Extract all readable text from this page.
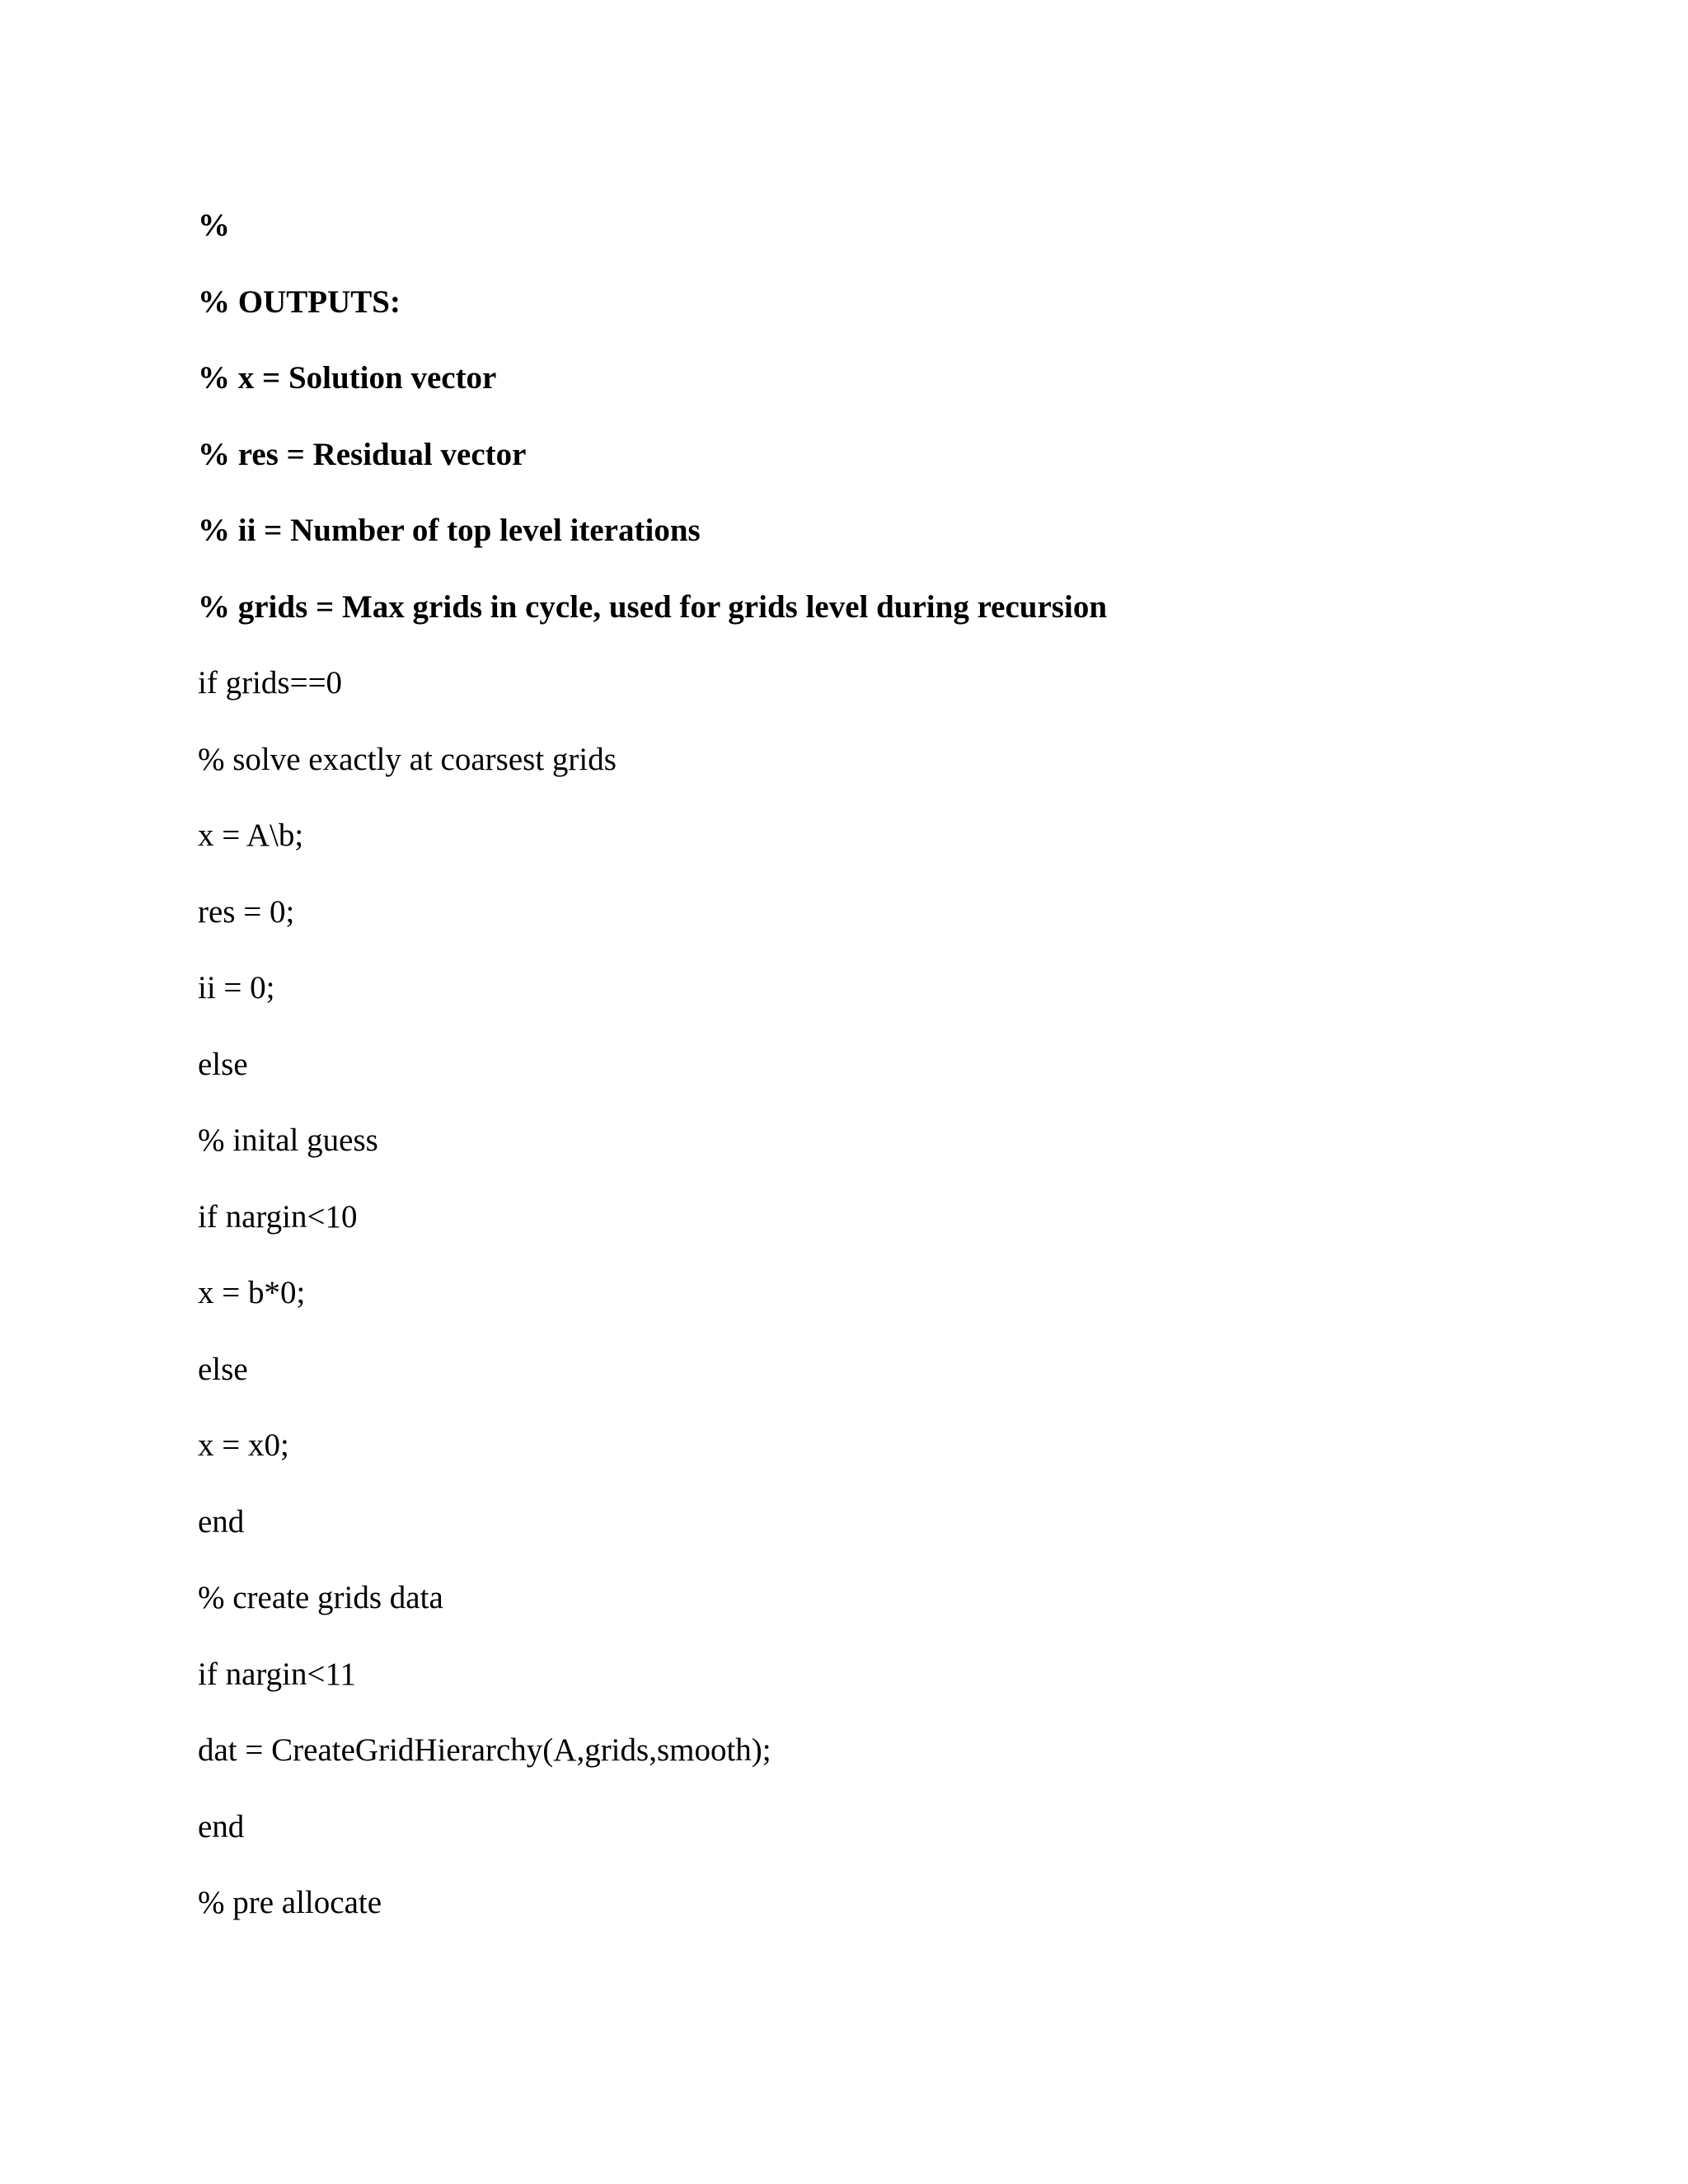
%
% OUTPUTS:
% x = Solution vector
% res = Residual vector
% ii = Number of top level iterations
% grids = Max grids in cycle, used for grids level during recursion
if grids==0
% solve exactly at coarsest grids
x = A\b;
res = 0;
ii = 0;
else
% inital guess
if nargin<10
x = b*0;
else
x = x0;
end
% create grids data
if nargin<11
dat = CreateGridHierarchy(A,grids,smooth);
end
% pre allocate
